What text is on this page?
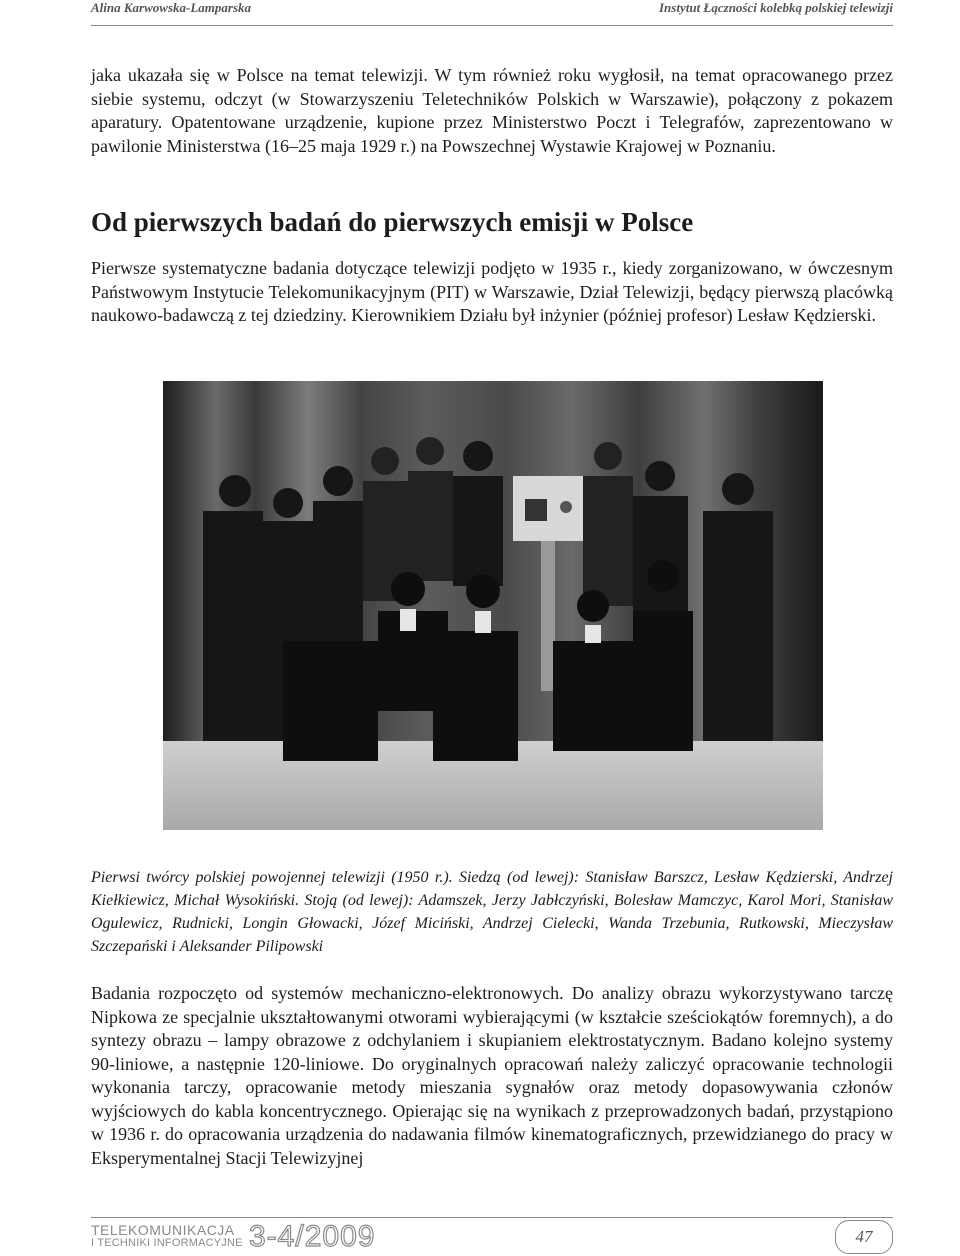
Alina Karwowska-Lamparska	Instytut Łączności kolebką polskiej telewizji

jaka ukazała się w Polsce na temat telewizji. W tym również roku wygłosił, na temat opracowanego przez siebie systemu, odczyt (w Stowarzyszeniu Teletechników Polskich w Warszawie), połączony z pokazem aparatury. Opatentowane urządzenie, kupione przez Ministerstwo Poczt i Telegrafów, zaprezentowano w pawilonie Ministerstwa (16–25 maja 1929 r.) na Powszechnej Wystawie Krajowej w Poznaniu.

Od pierwszych badań do pierwszych emisji w Polsce

Pierwsze systematyczne badania dotyczące telewizji podjęto w 1935 r., kiedy zorganizowano, w ówczesnym Państwowym Instytucie Telekomunikacyjnym (PIT) w Warszawie, Dział Telewizji, będący pierwszą placówką naukowo-badawczą z tej dziedziny. Kierownikiem Działu był inżynier (później profesor) Lesław Kędzierski.

Pierwsi twórcy polskiej powojennej telewizji (1950 r.). Siedzą (od lewej): Stanisław Barszcz, Lesław Kędzierski, Andrzej Kiełkiewicz, Michał Wysokiński. Stoją (od lewej): Adamszek, Jerzy Jabłczyński, Bolesław Mamczyc, Karol Mori, Stanisław Ogulewicz, Rudnicki, Longin Głowacki, Józef Miciński, Andrzej Cielecki, Wanda Trzebunia, Rutkowski, Mieczysław Szczepański i Aleksander Pilipowski

Badania rozpoczęto od systemów mechaniczno-elektronowych. Do analizy obrazu wykorzystywano tarczę Nipkowa ze specjalnie ukształtowanymi otworami wybierającymi (w kształcie sześciokątów foremnych), a do syntezy obrazu – lampy obrazowe z odchylaniem i skupianiem elektrostatycznym. Badano kolejno systemy 90-liniowe, a następnie 120-liniowe. Do oryginalnych opracowań należy zaliczyć opracowanie technologii wykonania tarczy, opracowanie metody mieszania sygnałów oraz metody dopasowywania członów wyjściowych do kabla koncentrycznego. Opierając się na wynikach z przeprowadzonych badań, przystąpiono w 1936 r. do opracowania urządzenia do nadawania filmów kinematograficznych, przewidzianego do pracy w Eksperymentalnej Stacji Telewizyjnej

TELEKOMUNIKACJA
I TECHNIKI INFORMACYJNE 3-4/2009	47
